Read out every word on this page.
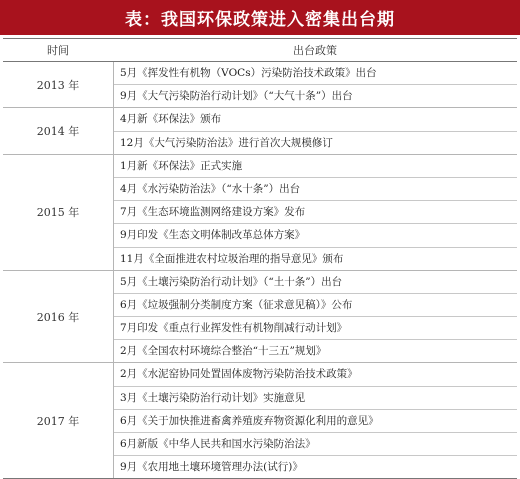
表：我国环保政策进入密集出台期
时间	出台政策
2013 年
5月《挥发性有机物（VOCs）污染防治技术政策》出台
9月《大气污染防治行动计划》（“大气十条”）出台
2014 年
4月新《环保法》颁布
12月《大气污染防治法》进行首次大规模修订
2015 年
1月新《环保法》正式实施
4月《水污染防治法》（“水十条”）出台
7月《生态环境监测网络建设方案》发布
9月印发《生态文明体制改革总体方案》
11月《全面推进农村垃圾治理的指导意见》颁布
2016 年
5月《土壤污染防治行动计划》（“土十条”）出台
6月《垃圾强制分类制度方案（征求意见稿）》公布
7月印发《重点行业挥发性有机物削减行动计划》
2月《全国农村环境综合整治“十三五”规划》
2017 年
2月《水泥窑协同处置固体废物污染防治技术政策》
3月《土壤污染防治行动计划》实施意见
6月《关于加快推进畜禽养殖废弃物资源化利用的意见》
6月新版《中华人民共和国水污染防治法》
9月《农用地土壤环境管理办法(试行)》
